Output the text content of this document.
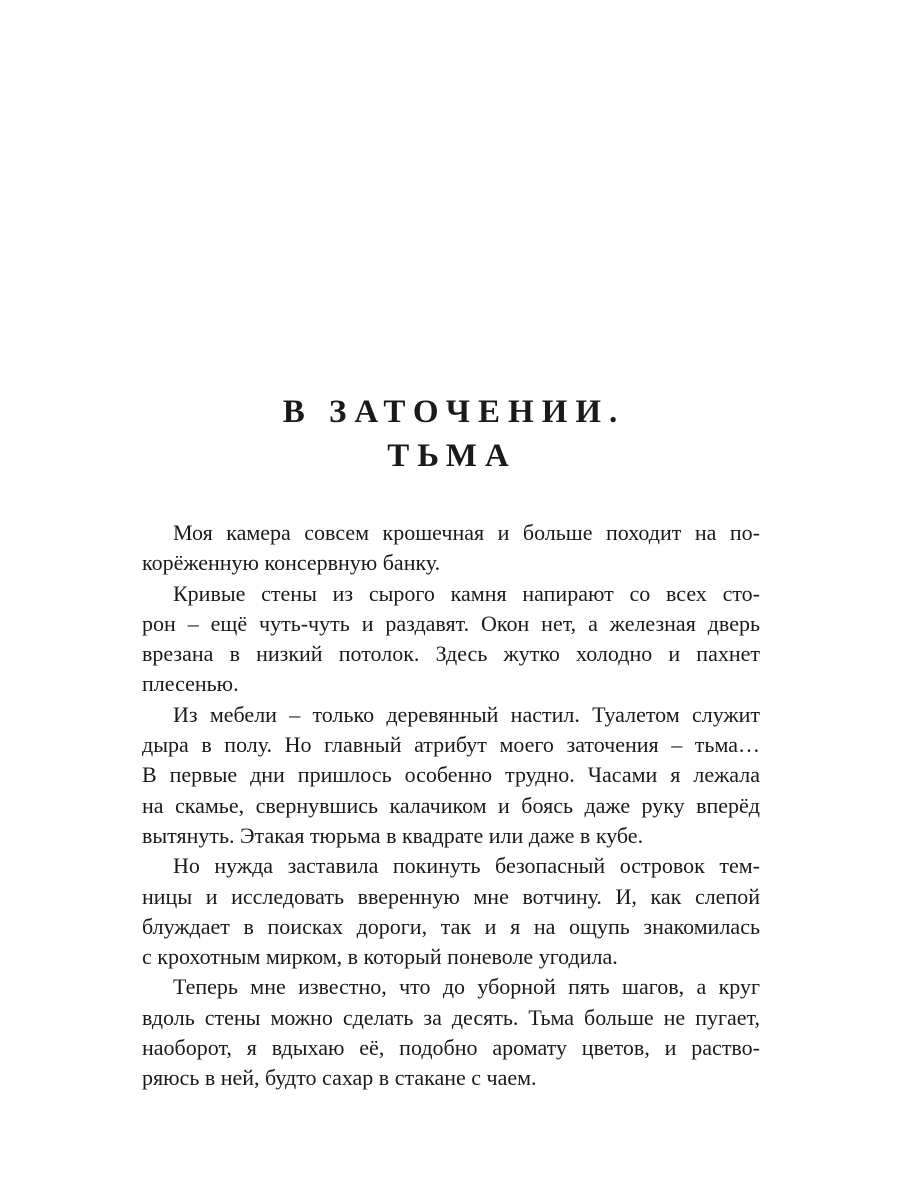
В ЗАТОЧЕНИИ.
ТЬМА
Моя камера совсем крошечная и больше походит на по-
корёженную консервную банку.
Кривые стены из сырого камня напирают со всех сто-
рон – ещё чуть-чуть и раздавят. Окон нет, а железная дверь
врезана в низкий потолок. Здесь жутко холодно и пахнет
плесенью.
Из мебели – только деревянный настил. Туалетом служит
дыра в полу. Но главный атрибут моего заточения – тьма…
В первые дни пришлось особенно трудно. Часами я лежала
на скамье, свернувшись калачиком и боясь даже руку вперёд
вытянуть. Этакая тюрьма в квадрате или даже в кубе.
Но нужда заставила покинуть безопасный островок тем-
ницы и исследовать вверенную мне вотчину. И, как слепой
блуждает в поисках дороги, так и я на ощупь знакомилась
с крохотным мирком, в который поневоле угодила.
Теперь мне известно, что до уборной пять шагов, а круг
вдоль стены можно сделать за десять. Тьма больше не пугает,
наоборот, я вдыхаю её, подобно аромату цветов, и раство-
ряюсь в ней, будто сахар в стакане с чаем.
